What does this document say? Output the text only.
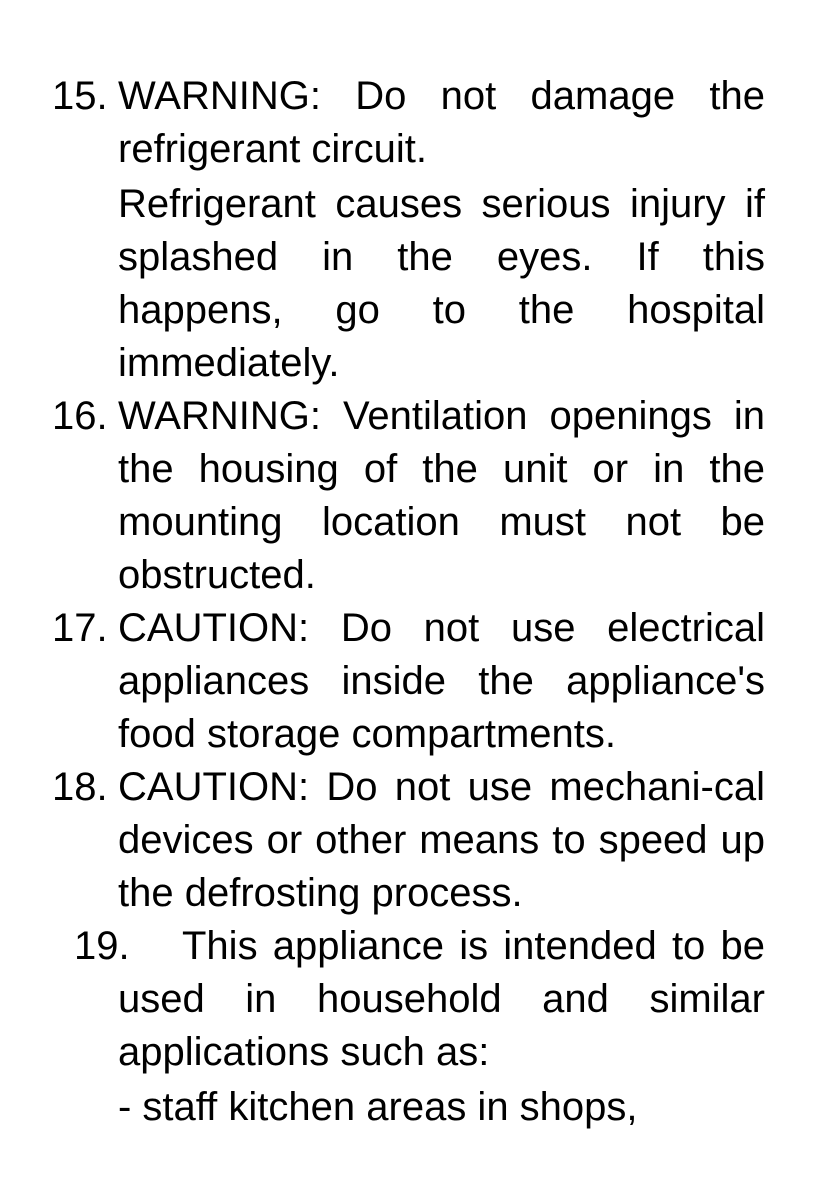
15. WARNING: Do not damage the refrigerant circuit.

Refrigerant causes serious injury if splashed in the eyes. If this happens, go to the hospital immediately.

16. WARNING: Ventilation openings in the housing of the unit or in the mounting location must not be obstructed.

17. CAUTION: Do not use electrical appliances inside the appliance's food storage compartments.

18. CAUTION: Do not use mechani-cal devices or other means to speed up the defrosting process.

19.	This appliance is intended to be used in household and similar applications such as:

- staff kitchen areas in shops,
